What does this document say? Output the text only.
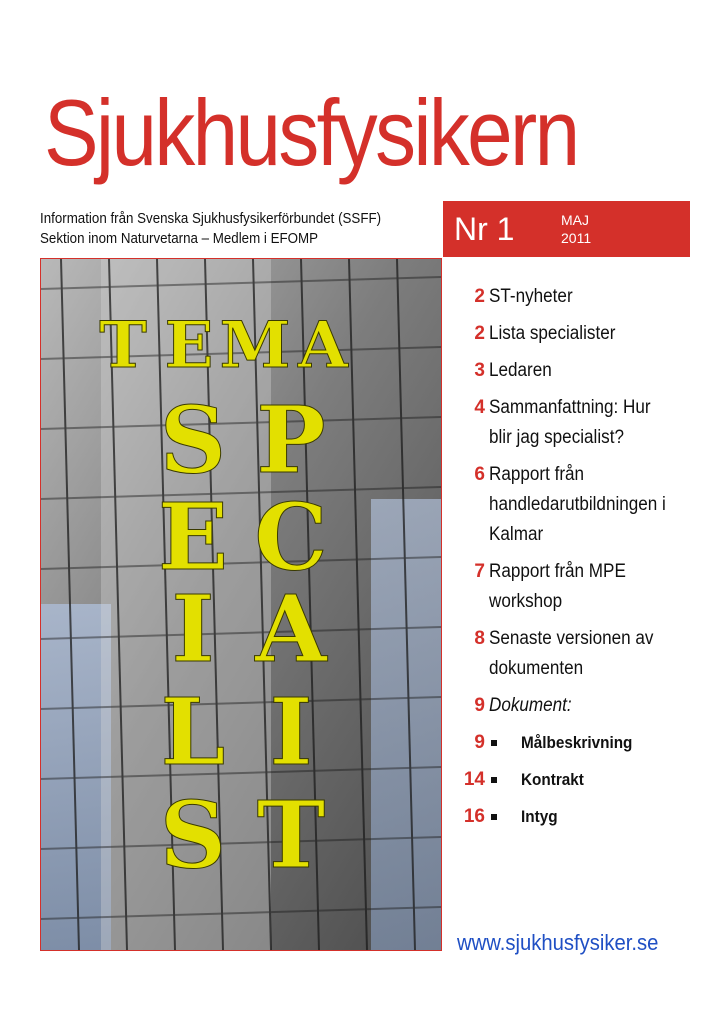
Sjukhusfysikern
Information från Svenska Sjukhusfysikerförbundet (SSFF)
Sektion inom Naturvetarna – Medlem i EFOMP	Nr 1	MAJ
2011
T E M A
S P
E C
I A
L I
S T
2 ST-nyheter
2 Lista specialister
3 Ledaren
4 Sammanfattning: Hur
blir jag specialist?
6 Rapport från
handledarutbildningen i
Kalmar
7 Rapport från MPE
workshop
8 Senaste versionen av
dokumenten
9 Dokument:
9 Målbeskrivning
14 Kontrakt
16 Intyg
www.sjukhusfysiker.se
